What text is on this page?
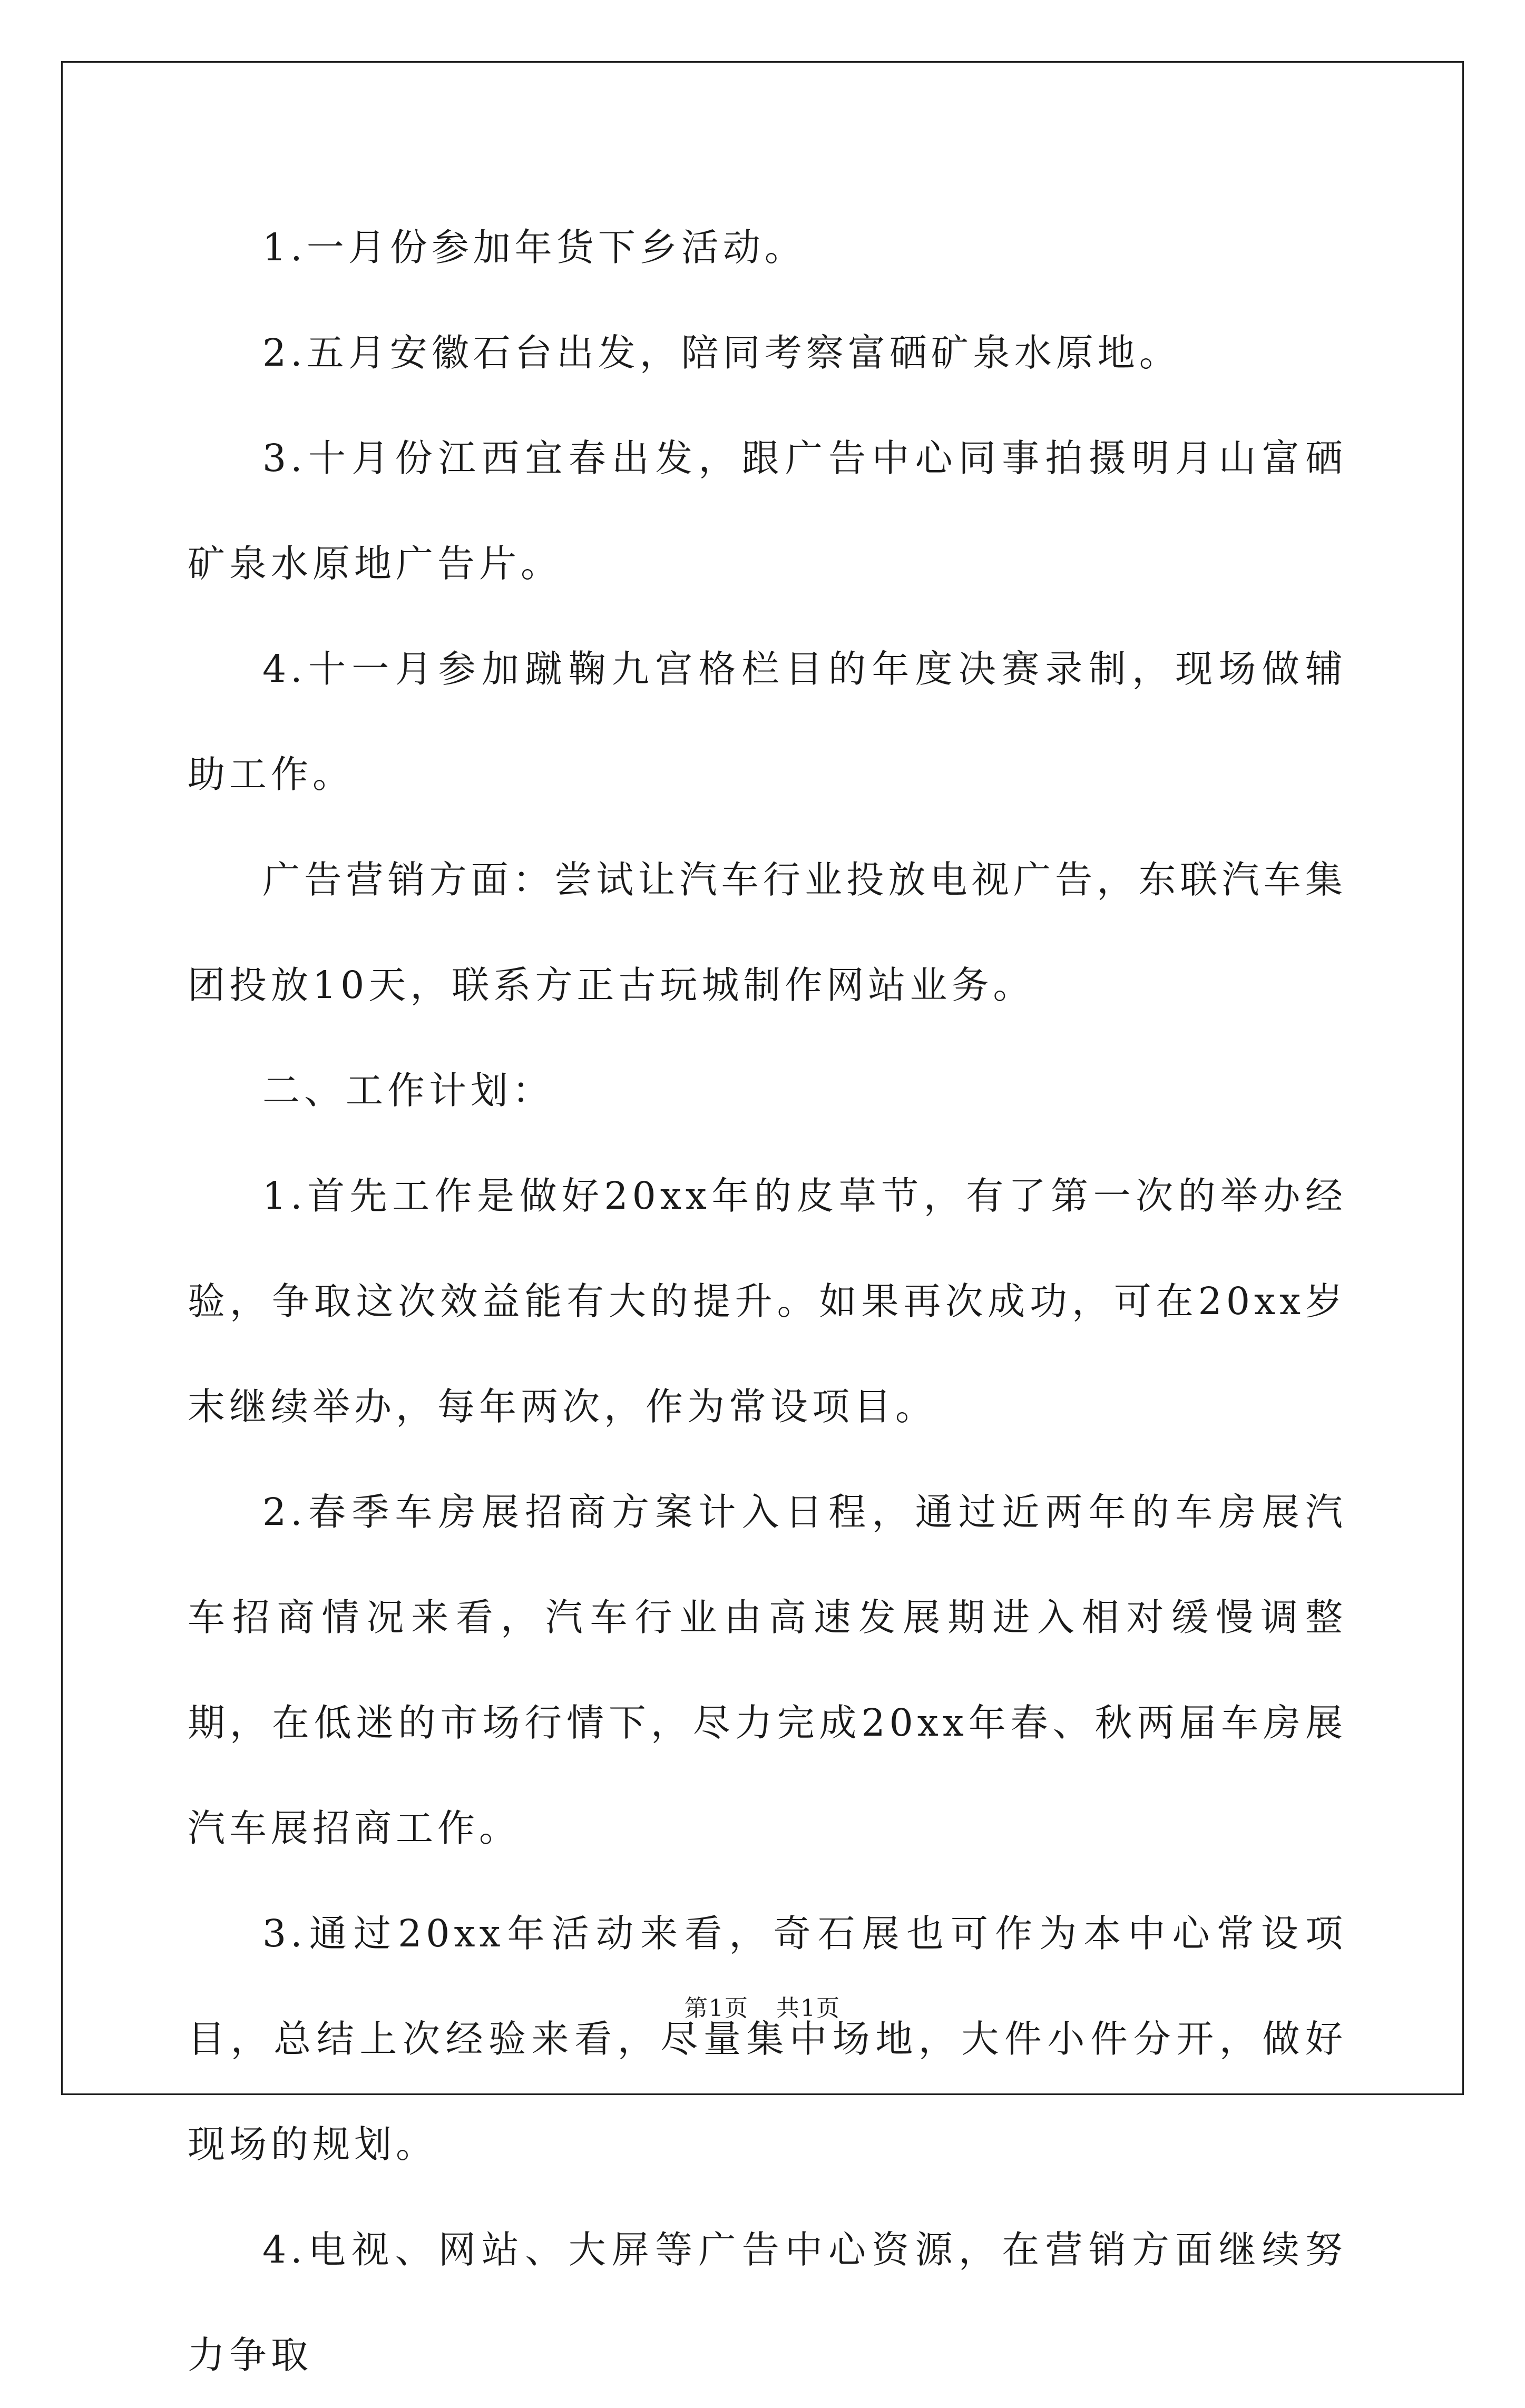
1.一月份参加年货下乡活动。

2.五月安徽石台出发，陪同考察富硒矿泉水原地。

3.十月份江西宜春出发，跟广告中心同事拍摄明月山富硒矿泉水原地广告片。

4.十一月参加蹴鞠九宫格栏目的年度决赛录制，现场做辅助工作。

广告营销方面：尝试让汽车行业投放电视广告，东联汽车集团投放10天，联系方正古玩城制作网站业务。

二、工作计划：

1.首先工作是做好20xx年的皮草节，有了第一次的举办经验，争取这次效益能有大的提升。如果再次成功，可在20xx岁末继续举办，每年两次，作为常设项目。

2.春季车房展招商方案计入日程，通过近两年的车房展汽车招商情况来看，汽车行业由高速发展期进入相对缓慢调整期，在低迷的市场行情下，尽力完成20xx年春、秋两届车房展汽车展招商工作。

3.通过20xx年活动来看，奇石展也可作为本中心常设项目，总结上次经验来看，尽量集中场地，大件小件分开，做好现场的规划。

4.电视、网站、大屏等广告中心资源，在营销方面继续努力争取

第1页 共1页
